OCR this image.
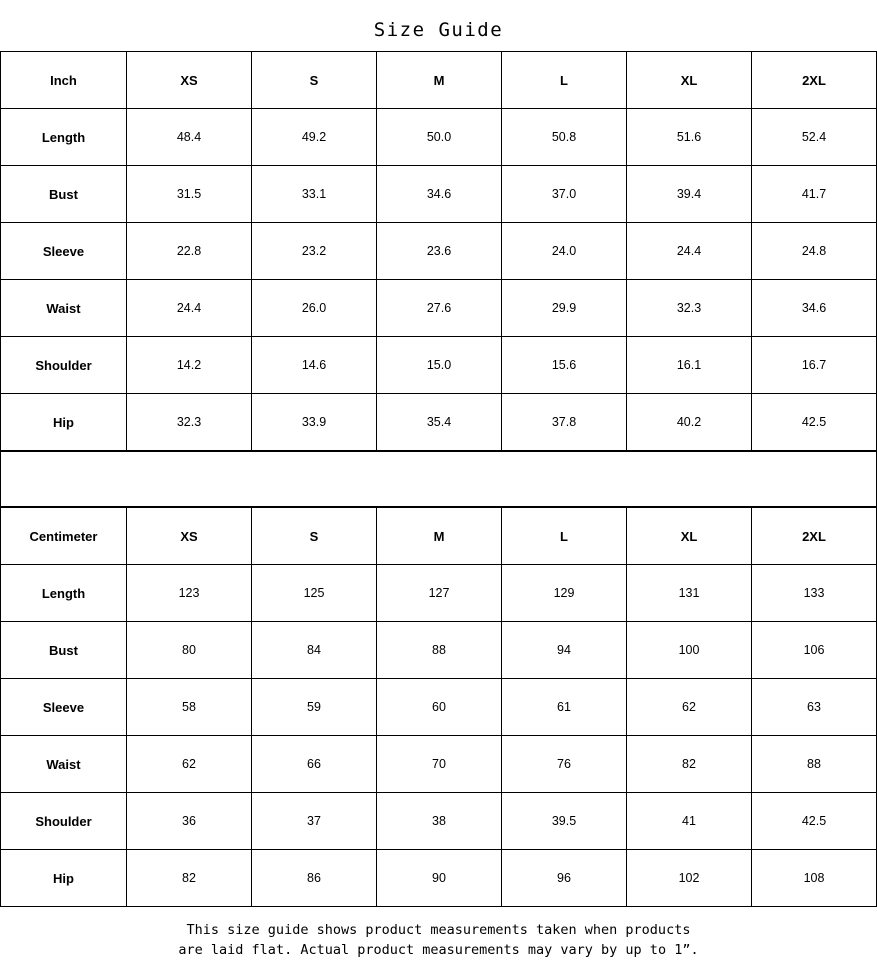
Size Guide
Inch	XS	S	M	L	XL	2XL
Length	48.4	49.2	50.0	50.8	51.6	52.4
Bust	31.5	33.1	34.6	37.0	39.4	41.7
Sleeve	22.8	23.2	23.6	24.0	24.4	24.8
Waist	24.4	26.0	27.6	29.9	32.3	34.6
Shoulder	14.2	14.6	15.0	15.6	16.1	16.7
Hip	32.3	33.9	35.4	37.8	40.2	42.5
Centimeter	XS	S	M	L	XL	2XL
Length	123	125	127	129	131	133
Bust	80	84	88	94	100	106
Sleeve	58	59	60	61	62	63
Waist	62	66	70	76	82	88
Shoulder	36	37	38	39.5	41	42.5
Hip	82	86	90	96	102	108
This size guide shows product measurements taken when products
are laid flat. Actual product measurements may vary by up to 1”.
